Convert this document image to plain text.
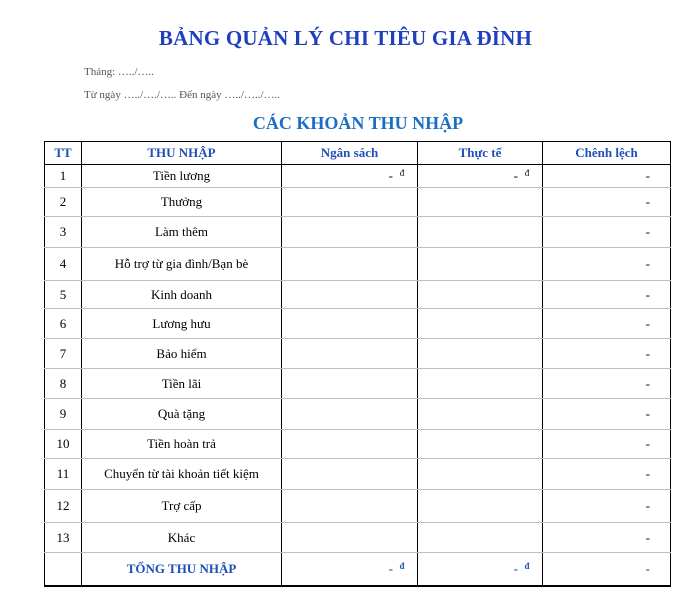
BẢNG QUẢN LÝ CHI TIÊU GIA ĐÌNH
Tháng: …../…..
Từ ngày …../…./….. Đến ngày …../…../…..
CÁC KHOẢN THU NHẬP
TT	THU NHẬP	Ngân sách	Thực tế	Chênh lệch
1	Tiền lương	- đ	- đ	-
2	Thưởng			-
3	Làm thêm			-
4	Hỗ trợ từ gia đình/Bạn bè			-
5	Kinh doanh			-
6	Lương hưu			-
7	Bảo hiểm			-
8	Tiền lãi			-
9	Quà tặng			-
10	Tiền hoàn trả			-
11	Chuyển từ tài khoản tiết kiệm			-
12	Trợ cấp			-
13	Khác			-
	TỔNG THU NHẬP	- đ	- đ	-
